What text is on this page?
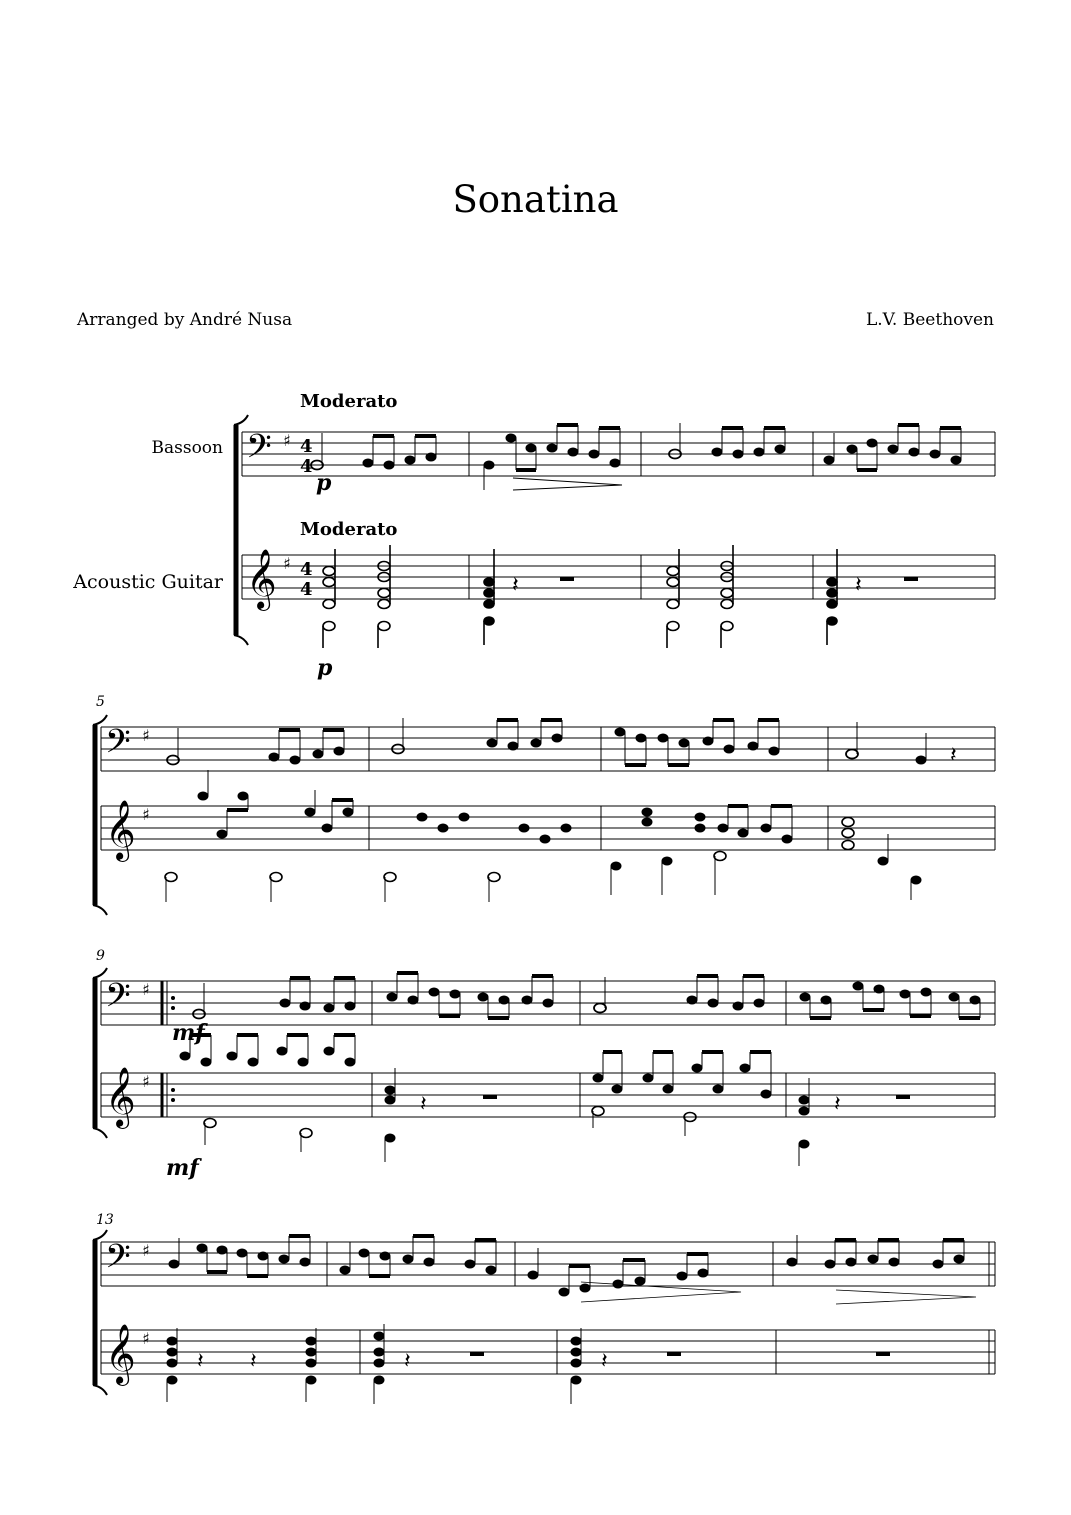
Sonatina
Arranged by André Nusa	L.V. Beethoven
Bassoon
Acoustic Guitar
Moderato
Moderato
p
p
𝄢 ♯ 4
4
𝄞 ♯ 4
4	𝄽	𝄽
5
𝄢 ♯
𝄽
𝄞 ♯
9
mf
mf
𝄢 ♯
𝄞 ♯
𝄽	𝄽
13
𝄢 ♯
𝄞 ♯
𝄽 𝄽	𝄽	𝄽
